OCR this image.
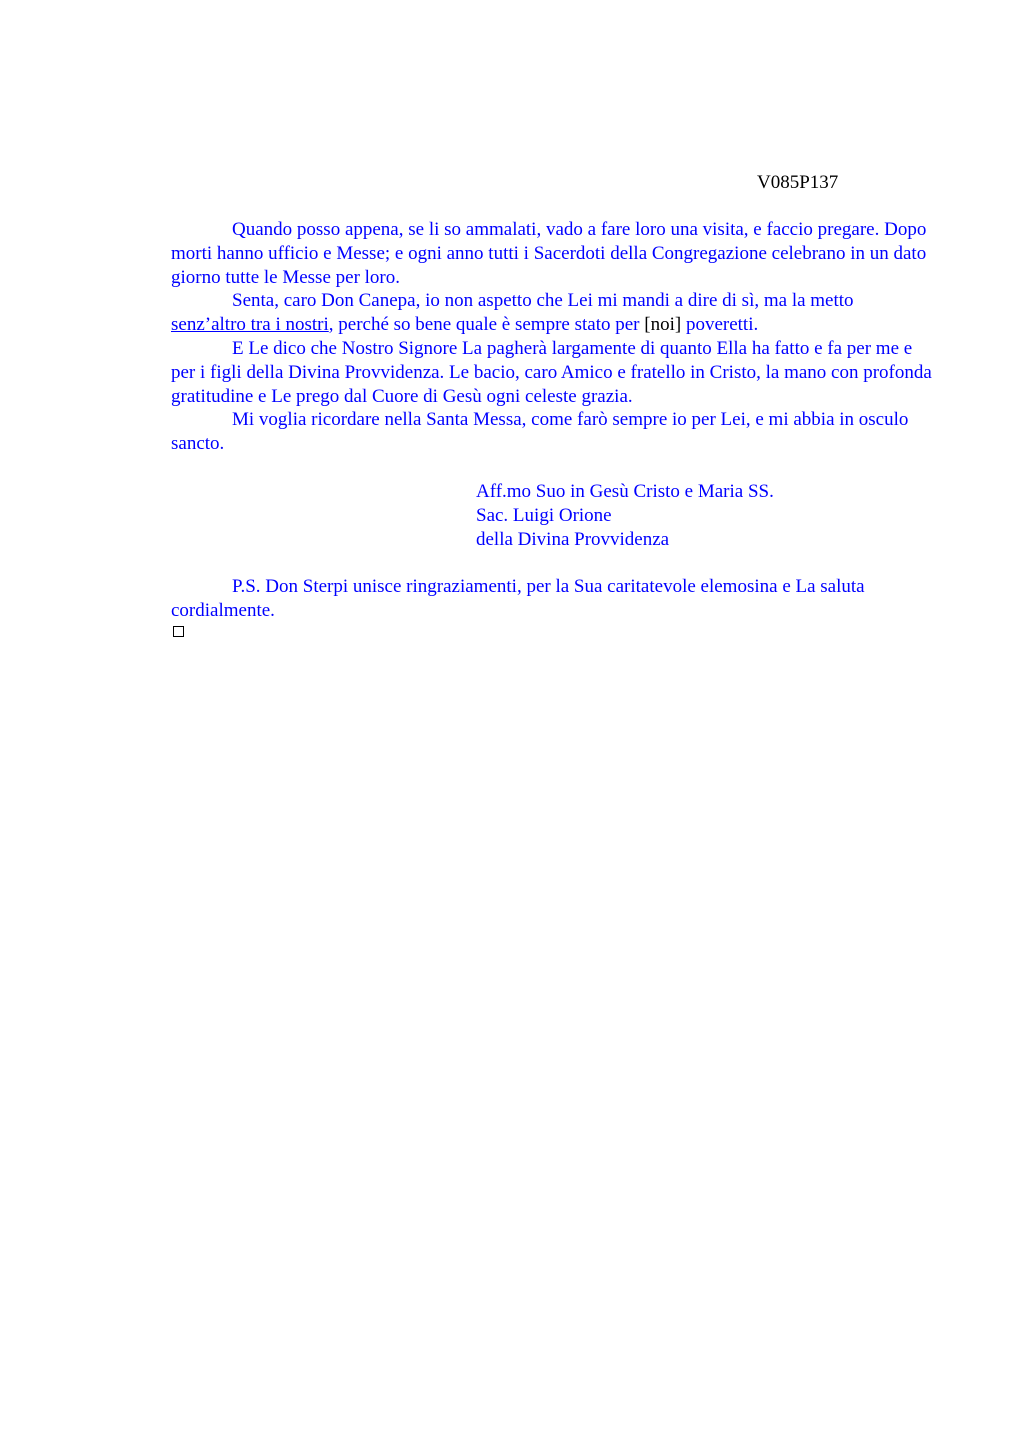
V085P137

Quando posso appena, se li so ammalati, vado a fare loro una visita, e faccio pregare. Dopo morti hanno ufficio e Messe; e ogni anno tutti i Sacerdoti della Congregazione celebrano in un dato giorno tutte le Messe per loro.

Senta, caro Don Canepa, io non aspetto che Lei mi mandi a dire di sì, ma la metto
senz’altro tra i nostri, perché so bene quale è sempre stato per [noi] poveretti.

E Le dico che Nostro Signore La pagherà largamente di quanto Ella ha fatto e fa per me e per i figli della Divina Provvidenza. Le bacio, caro Amico e fratello in Cristo, la mano con profonda gratitudine e Le prego dal Cuore di Gesù ogni celeste grazia.

Mi voglia ricordare nella Santa Messa, come farò sempre io per Lei, e mi abbia in osculo sancto.

Aff.mo Suo in Gesù Cristo e Maria SS.
Sac. Luigi Orione
della Divina Provvidenza

P.S. Don Sterpi unisce ringraziamenti, per la Sua caritatevole elemosina e La saluta cordialmente.
